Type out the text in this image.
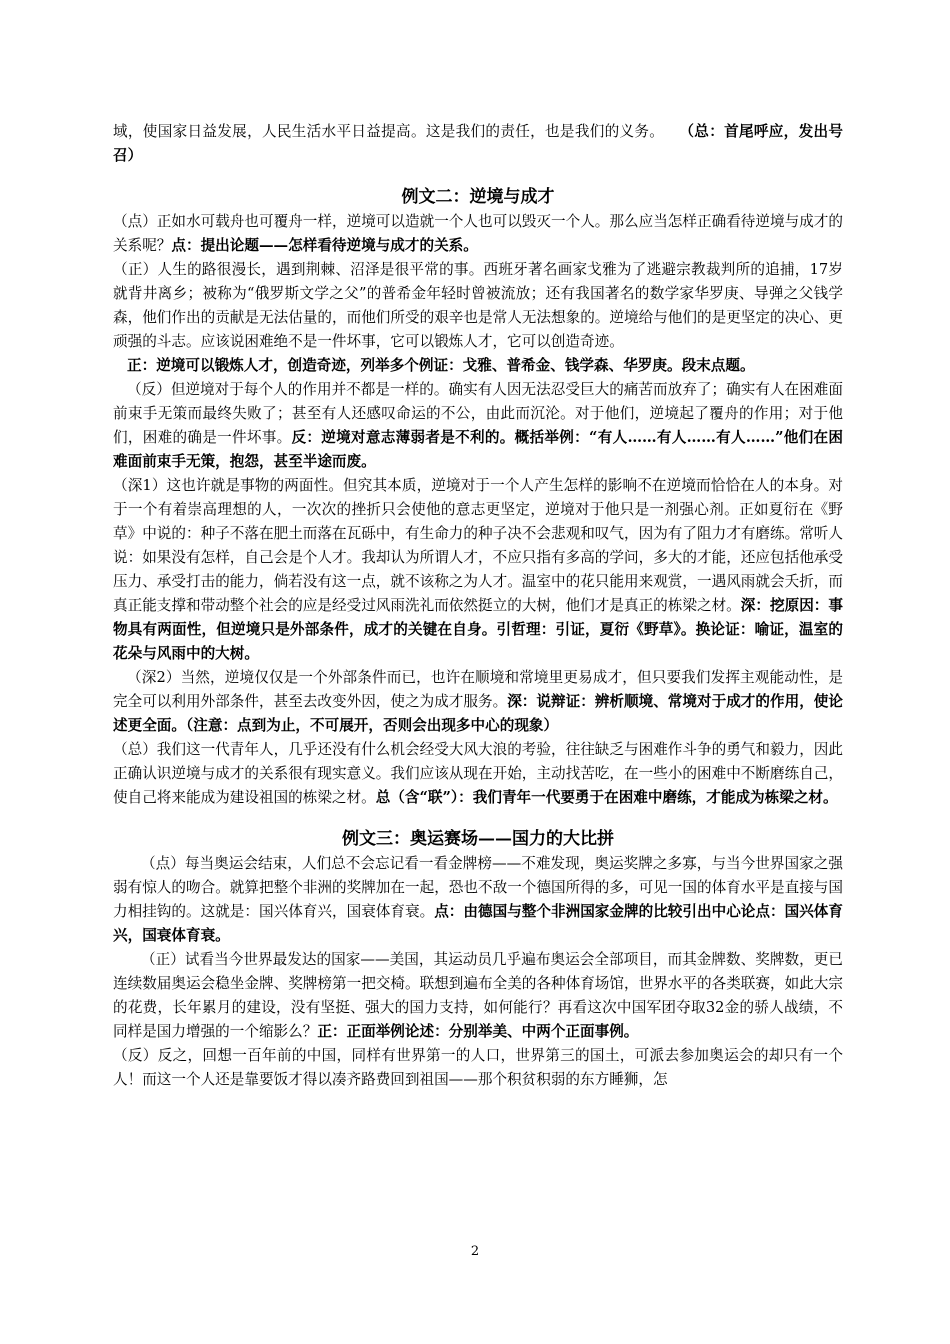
域，使国家日益发展，人民生活水平日益提高。这是我们的责任，也是我们的义务。　　 （总：首尾呼应，发出号召）

例文二：逆境与成才

（点）正如水可载舟也可覆舟一样，逆境可以造就一个人也可以毁灭一个人。那么应当怎样正确看待逆境与成才的关系呢？点：提出论题——怎样看待逆境与成才的关系。

（正）人生的路很漫长，遇到荆棘、沼泽是很平常的事。西班牙著名画家戈雅为了逃避宗教裁判所的追捕，17岁就背井离乡；被称为“俄罗斯文学之父”的普希金年轻时曾被流放；还有我国著名的数学家华罗庚、导弹之父钱学森，他们作出的贡献是无法估量的，而他们所受的艰辛也是常人无法想象的。逆境给与他们的是更坚定的决心、更顽强的斗志。应该说困难绝不是一件坏事，它可以锻炼人才，它可以创造奇迹。

正：逆境可以锻炼人才，创造奇迹，列举多个例证：戈雅、普希金、钱学森、华罗庚。段末点题。

（反）但逆境对于每个人的作用并不都是一样的。确实有人因无法忍受巨大的痛苦而放弃了；确实有人在困难面前束手无策而最终失败了；甚至有人还感叹命运的不公，由此而沉沦。对于他们，逆境起了覆舟的作用；对于他们，困难的确是一件坏事。反：逆境对意志薄弱者是不利的。概括举例：“有人……有人……有人……”他们在困难面前束手无策，抱怨，甚至半途而废。

（深1）这也许就是事物的两面性。但究其本质，逆境对于一个人产生怎样的影响不在逆境而恰恰在人的本身。对于一个有着崇高理想的人，一次次的挫折只会使他的意志更坚定，逆境对于他只是一剂强心剂。正如夏衍在《野草》中说的：种子不落在肥土而落在瓦砾中，有生命力的种子决不会悲观和叹气，因为有了阻力才有磨练。常听人说：如果没有怎样，自己会是个人才。我却认为所谓人才，不应只指有多高的学问，多大的才能，还应包括他承受压力、承受打击的能力，倘若没有这一点，就不该称之为人才。温室中的花只能用来观赏，一遇风雨就会夭折，而真正能支撑和带动整个社会的应是经受过风雨洗礼而依然挺立的大树，他们才是真正的栋梁之材。深：挖原因：事物具有两面性，但逆境只是外部条件，成才的关键在自身。引哲理：引证，夏衍《野草》。换论证：喻证，温室的花朵与风雨中的大树。

（深2）当然，逆境仅仅是一个外部条件而已，也许在顺境和常境里更易成才，但只要我们发挥主观能动性，是完全可以利用外部条件，甚至去改变外因，使之为成才服务。深：说辩证：辨析顺境、常境对于成才的作用，使论述更全面。（注意：点到为止，不可展开，否则会出现多中心的现象）

（总）我们这一代青年人，几乎还没有什么机会经受大风大浪的考验，往往缺乏与困难作斗争的勇气和毅力，因此正确认识逆境与成才的关系很有现实意义。我们应该从现在开始，主动找苦吃，在一些小的困难中不断磨练自己，使自己将来能成为建设祖国的栋梁之材。总（含“联”）：我们青年一代要勇于在困难中磨练，才能成为栋梁之材。

例文三：奥运赛场——国力的大比拼

（点）每当奥运会结束，人们总不会忘记看一看金牌榜——不难发现，奥运奖牌之多寡，与当今世界国家之强弱有惊人的吻合。就算把整个非洲的奖牌加在一起，恐也不敌一个德国所得的多，可见一国的体育水平是直接与国力相挂钩的。这就是：国兴体育兴，国衰体育衰。点：由德国与整个非洲国家金牌的比较引出中心论点：国兴体育兴，国衰体育衰。

（正）试看当今世界最发达的国家——美国，其运动员几乎遍布奥运会全部项目，而其金牌数、奖牌数，更已连续数届奥运会稳坐金牌、奖牌榜第一把交椅。联想到遍布全美的各种体育场馆，世界水平的各类联赛，如此大宗的花费，长年累月的建设，没有坚挺、强大的国力支持，如何能行？再看这次中国军团夺取32金的骄人战绩，不同样是国力增强的一个缩影么？正：正面举例论述：分别举美、中两个正面事例。

（反）反之，回想一百年前的中国，同样有世界第一的人口，世界第三的国土，可派去参加奥运会的却只有一个人！而这一个人还是靠要饭才得以凑齐路费回到祖国——那个积贫积弱的东方睡狮，怎

2
